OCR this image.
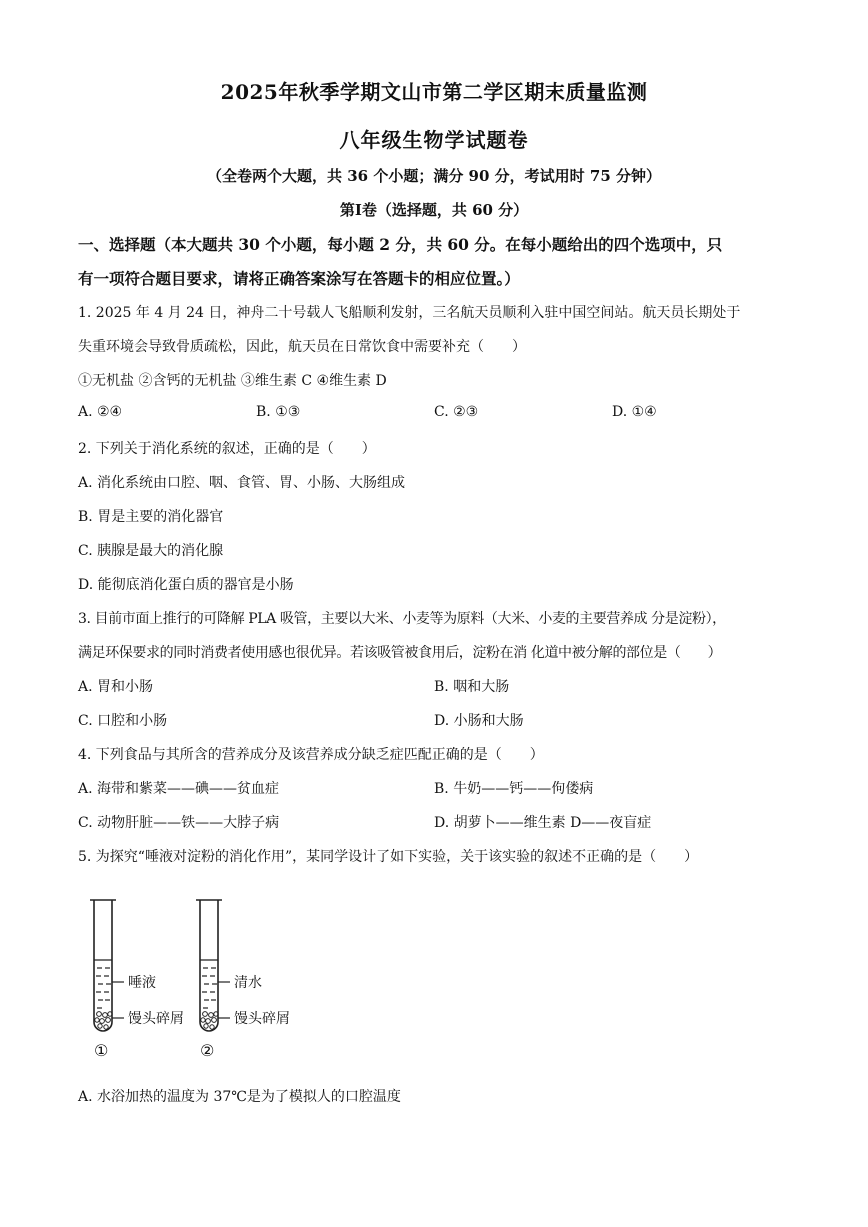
2025年秋季学期文山市第二学区期末质量监测
八年级生物学试题卷
（全卷两个大题，共 36 个小题；满分 90 分，考试用时 75 分钟）
第Ⅰ卷（选择题，共 60 分）
一、选择题（本大题共 30 个小题，每小题 2 分，共 60 分。在每小题给出的四个选项中，只
有一项符合题目要求，请将正确答案涂写在答题卡的相应位置。）
1. 2025 年 4 月 24 日，神舟二十号载人飞船顺利发射，三名航天员顺利入驻中国空间站。航天员长期处于
失重环境会导致骨质疏松，因此，航天员在日常饮食中需要补充（　　）
①无机盐 ②含钙的无机盐 ③维生素 C ④维生素 D
A. ②④	B. ①③	C. ②③	D. ①④
2. 下列关于消化系统的叙述，正确的是（　　）
A. 消化系统由口腔、咽、食管、胃、小肠、大肠组成
B. 胃是主要的消化器官
C. 胰腺是最大的消化腺
D. 能彻底消化蛋白质的器官是小肠
3. 目前市面上推行的可降解 PLA 吸管，主要以大米、小麦等为原料（大米、小麦的主要营养成 分是淀粉），
满足环保要求的同时消费者使用感也很优异。若该吸管被食用后，淀粉在消 化道中被分解的部位是（　　）
A. 胃和小肠	B. 咽和大肠
C. 口腔和小肠	D. 小肠和大肠
4. 下列食品与其所含的营养成分及该营养成分缺乏症匹配正确的是（　　）
A. 海带和紫菜——碘——贫血症	B. 牛奶——钙——佝偻病
C. 动物肝脏——铁——大脖子病	D. 胡萝卜——维生素 D——夜盲症
5. 为探究“唾液对淀粉的消化作用”，某同学设计了如下实验，关于该实验的叙述不正确的是（　　）
唾液
馒头碎屑
①
清水
馒头碎屑
②
A. 水浴加热的温度为 37℃是为了模拟人的口腔温度
